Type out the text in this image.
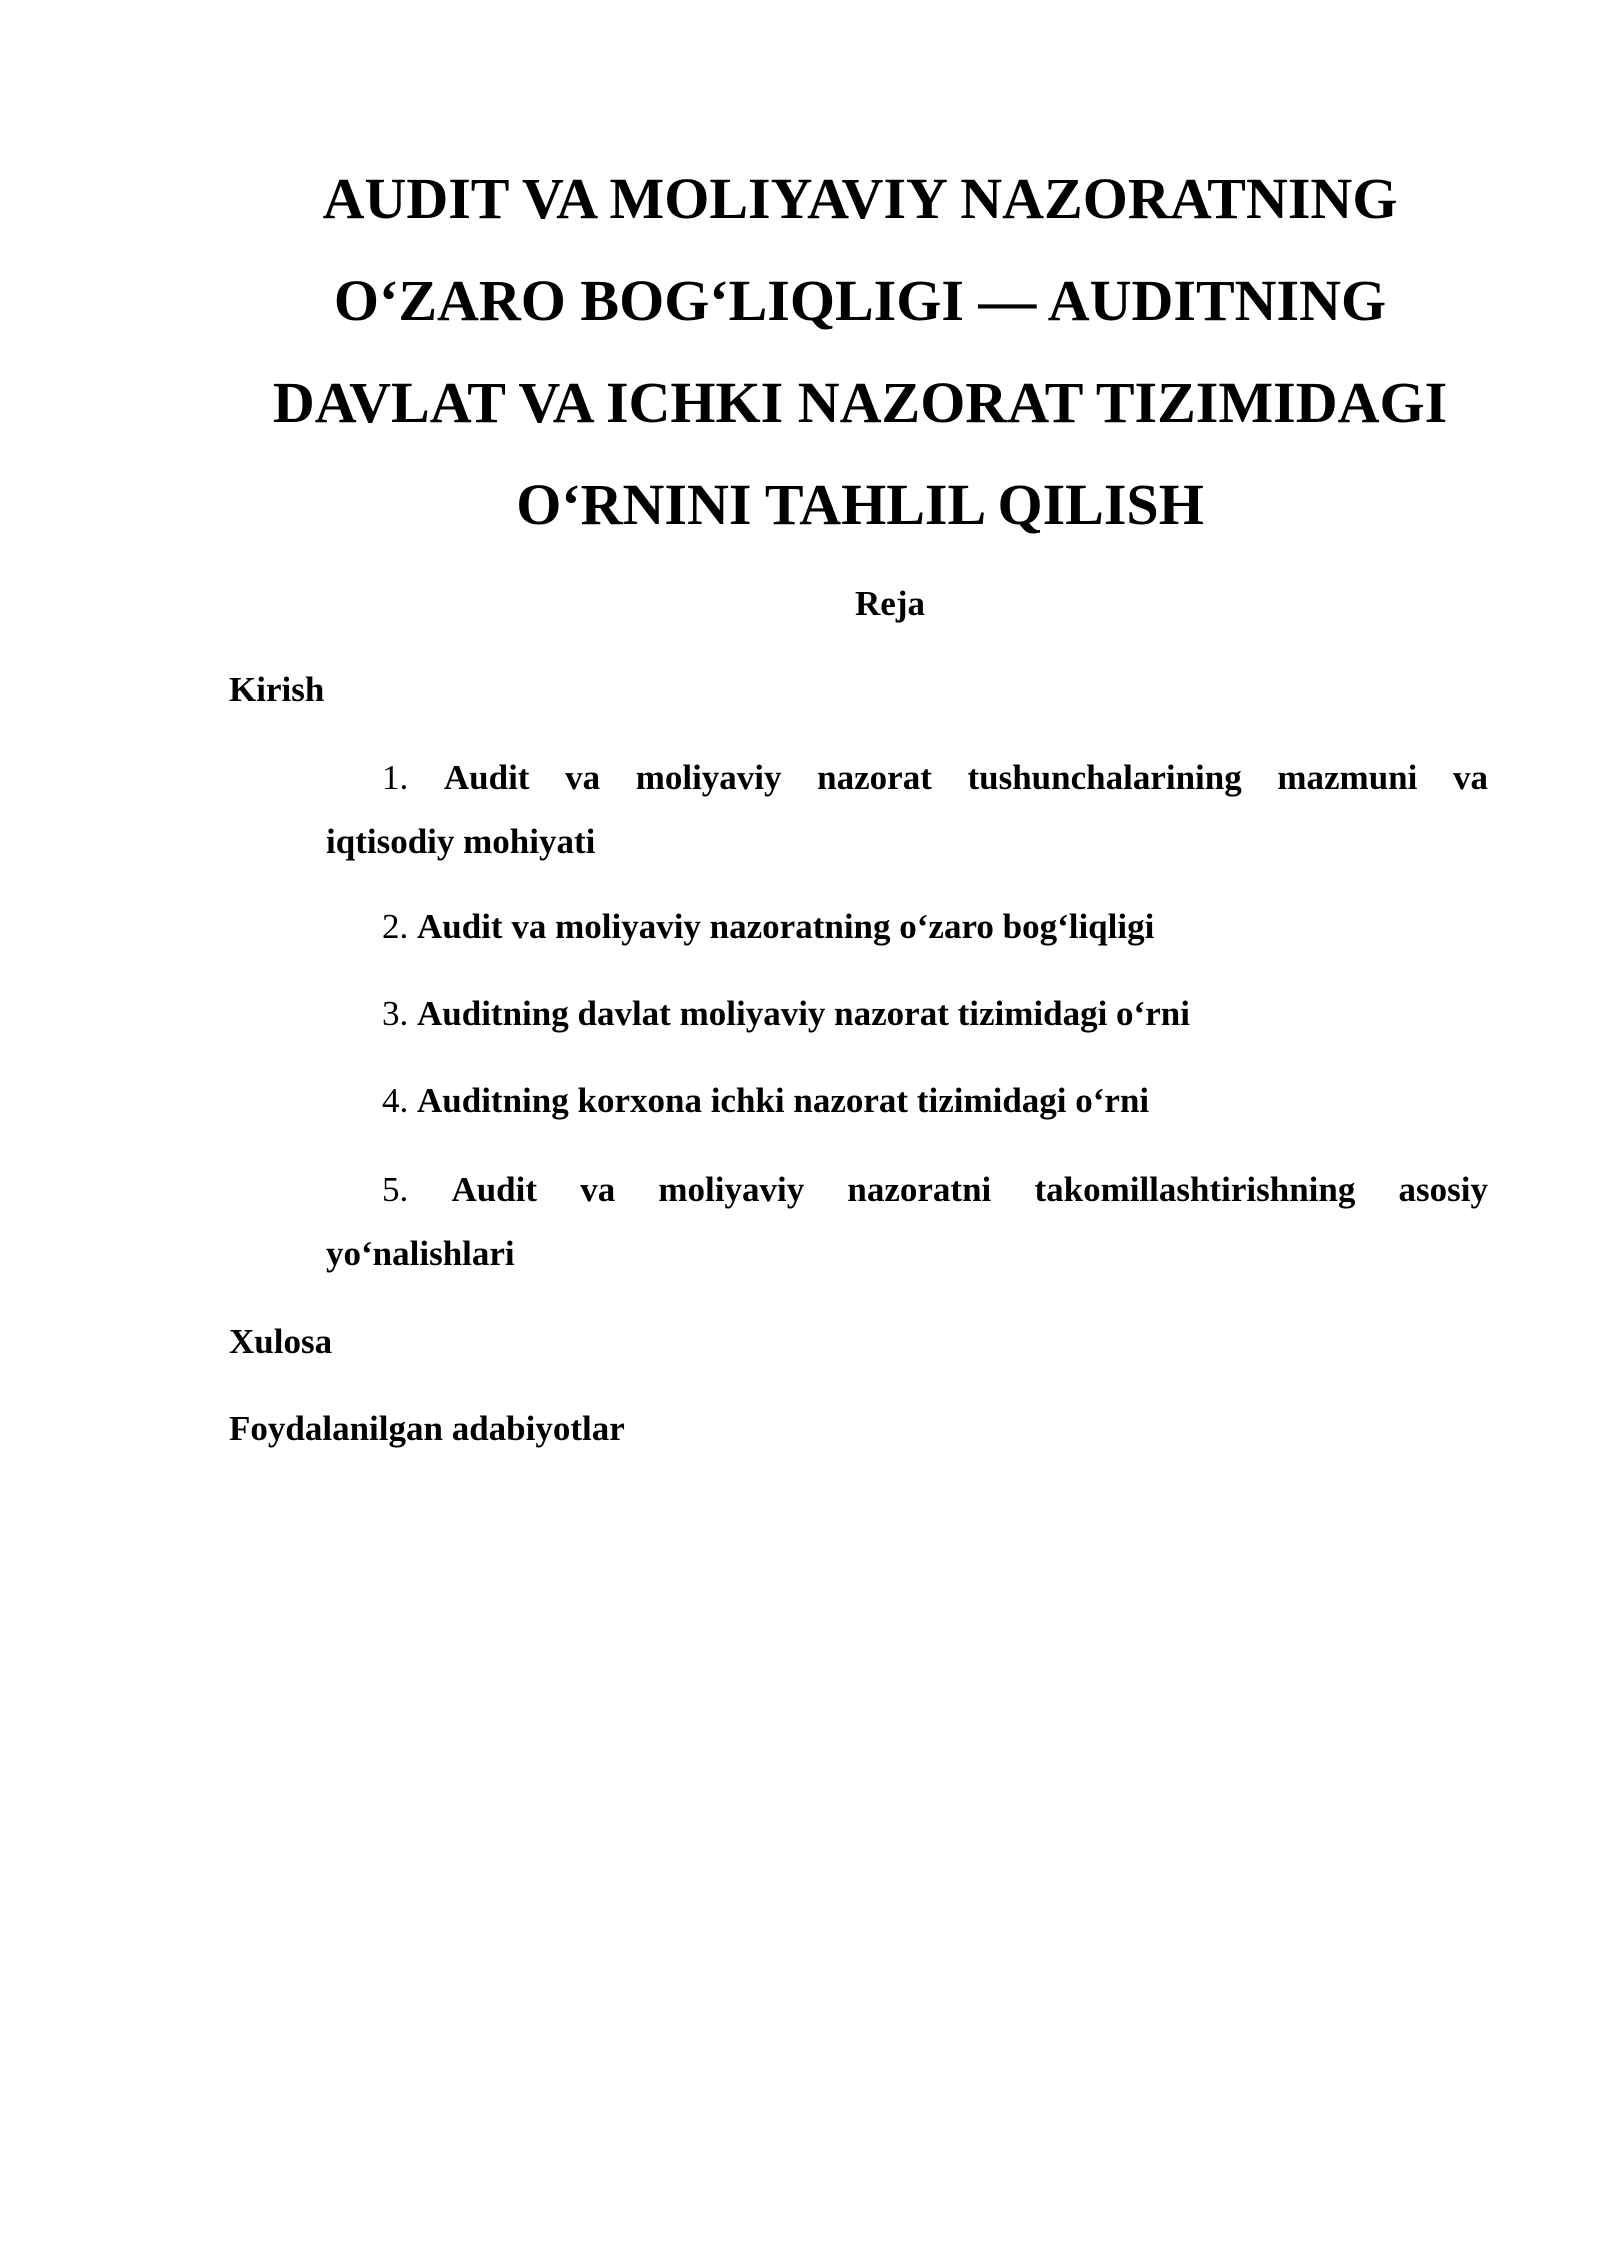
AUDIT VA MOLIYAVIY NAZORATNING
O‘ZARO BOG‘LIQLIGI — AUDITNING
DAVLAT VA ICHKI NAZORAT TIZIMIDAGI
O‘RNINI TAHLIL QILISH
Reja

Kirish

1. Audit va moliyaviy nazorat tushunchalarining mazmuni va
iqtisodiy mohiyati
2. Audit va moliyaviy nazoratning o‘zaro bog‘liqligi
3. Auditning davlat moliyaviy nazorat tizimidagi o‘rni
4. Auditning korxona ichki nazorat tizimidagi o‘rni
5. Audit va moliyaviy nazoratni takomillashtirishning asosiy
yo‘nalishlari

Xulosa

Foydalanilgan adabiyotlar
